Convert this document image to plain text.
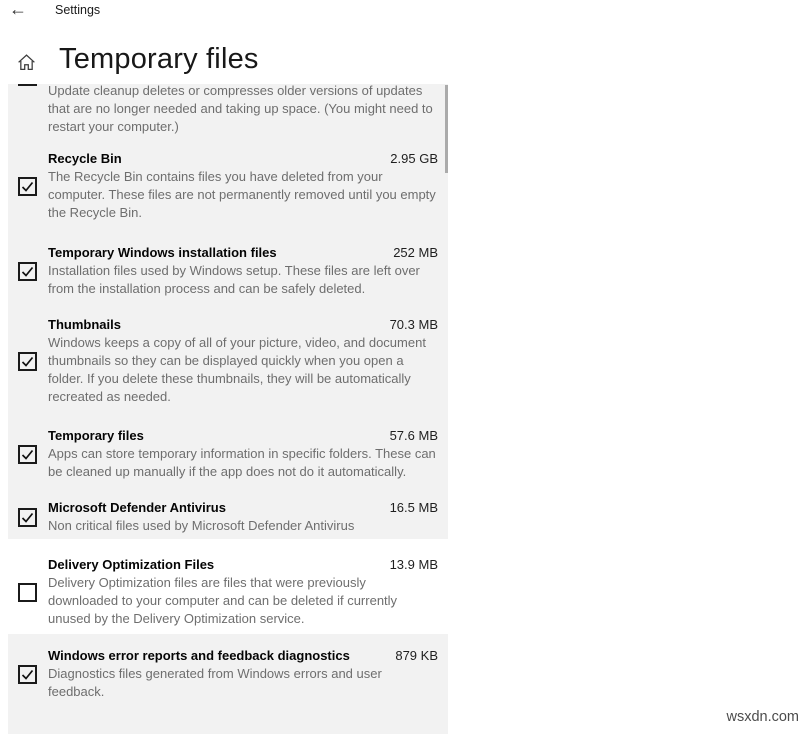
← Settings
Temporary files
Update cleanup deletes or compresses older versions of updates that are no longer needed and taking up space. (You might need to restart your computer.)
Recycle Bin	2.95 GB
The Recycle Bin contains files you have deleted from your computer. These files are not permanently removed until you empty the Recycle Bin.
Temporary Windows installation files	252 MB
Installation files used by Windows setup. These files are left over from the installation process and can be safely deleted.
Thumbnails	70.3 MB
Windows keeps a copy of all of your picture, video, and document thumbnails so they can be displayed quickly when you open a folder. If you delete these thumbnails, they will be automatically recreated as needed.
Temporary files	57.6 MB
Apps can store temporary information in specific folders. These can be cleaned up manually if the app does not do it automatically.
Microsoft Defender Antivirus	16.5 MB
Non critical files used by Microsoft Defender Antivirus
Delivery Optimization Files	13.9 MB
Delivery Optimization files are files that were previously downloaded to your computer and can be deleted if currently unused by the Delivery Optimization service.
Windows error reports and feedback diagnostics	879 KB
Diagnostics files generated from Windows errors and user feedback.
wsxdn.com
